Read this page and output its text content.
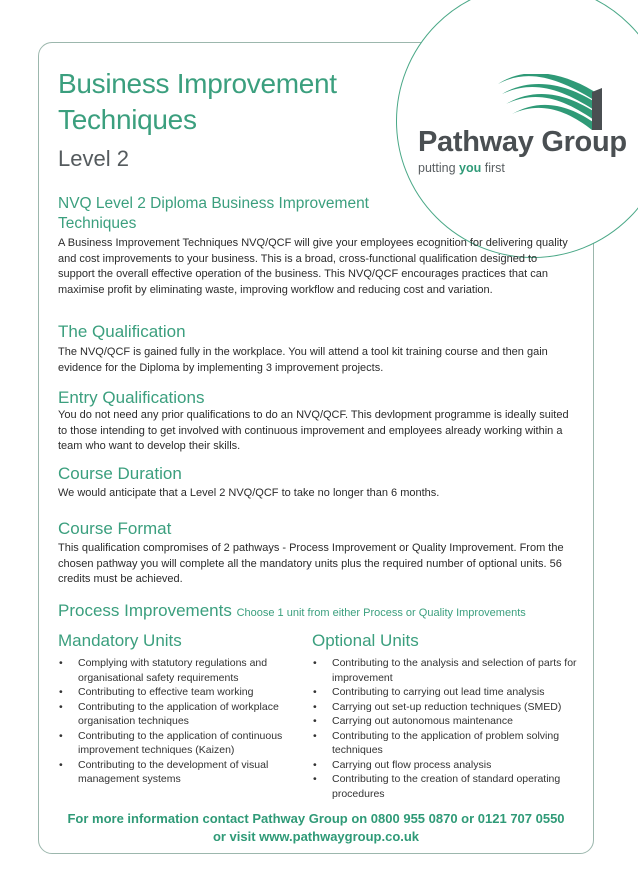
Pathway Group
putting you first
Business Improvement
Techniques
Level 2
NVQ Level 2 Diploma Business Improvement
Techniques
A Business Improvement Techniques NVQ/QCF will give your employees ecognition for delivering quality and cost improvements to your business. This is a broad, cross-functional qualification designed to support the overall effective operation of the business. This NVQ/QCF encourages practices that can maximise profit by eliminating waste, improving workflow and reducing cost and variation.
The Qualification
The NVQ/QCF is gained fully in the workplace. You will attend a tool kit training course and then gain evidence for the Diploma by implementing 3 improvement projects.
Entry Qualifications
You do not need any prior qualifications to do an NVQ/QCF. This devlopment programme is ideally suited to those intending to get involved with continuous improvement and employees already working within a team who want to develop their skills.
Course Duration
We would anticipate that a Level 2 NVQ/QCF to take no longer than 6 months.
Course Format
This qualification compromises of 2 pathways - Process Improvement or Quality Improvement. From the chosen pathway you will complete all the mandatory units plus the required number of optional units. 56 credits must be achieved.
Process Improvements Choose 1 unit from either Process or Quality Improvements
Mandatory Units	Optional Units
• Complying with statutory regulations and organisational safety requirements
• Contributing to effective team working
• Contributing to the application of workplace organisation techniques
• Contributing to the application of continuous improvement techniques (Kaizen)
• Contributing to the development of visual management systems
• Contributing to the analysis and selection of parts for improvement
• Contributing to carrying out lead time analysis
• Carrying out set-up reduction techniques (SMED)
• Carrying out autonomous maintenance
• Contributing to the application of problem solving techniques
• Carrying out flow process analysis
• Contributing to the creation of standard operating procedures
For more information contact Pathway Group on 0800 955 0870 or 0121 707 0550
or visit www.pathwaygroup.co.uk
